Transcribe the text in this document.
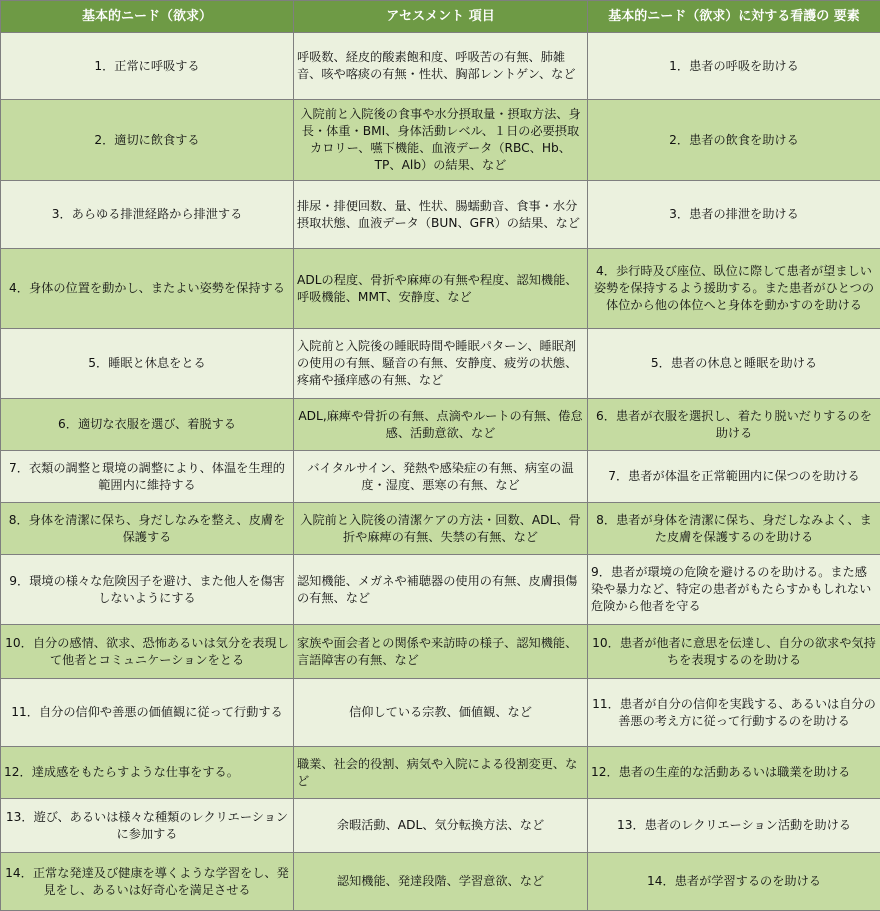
基本的ニード（欲求）	アセスメント 項目	基本的ニード（欲求）に対する看護の 要素
1．正常に呼吸する	呼吸数、経皮的酸素飽和度、呼吸苦の有無、肺雑音、咳や喀痰の有無・性状、胸部レントゲン、など	1．患者の呼吸を助ける
2．適切に飲食する	入院前と入院後の食事や水分摂取量・摂取方法、身長・体重・BMI、身体活動レベル、１日の必要摂取カロリー、嚥下機能、血液データ（RBC、Hb、TP、Alb）の結果、など	2．患者の飲食を助ける
3．あらゆる排泄経路から排泄する	排尿・排便回数、量、性状、腸蠕動音、食事・水分摂取状態、血液データ（BUN、GFR）の結果、など	3．患者の排泄を助ける
4．身体の位置を動かし、またよい姿勢を保持する	ADLの程度、骨折や麻痺の有無や程度、認知機能、呼吸機能、MMT、安静度、など	4．歩行時及び座位、臥位に際して患者が望ましい姿勢を保持するよう援助する。また患者がひとつの体位から他の体位へと身体を動かすのを助ける
5．睡眠と休息をとる	入院前と入院後の睡眠時間や睡眠パターン、睡眠剤の使用の有無、騒音の有無、安静度、疲労の状態、疼痛や掻痒感の有無、など	5．患者の休息と睡眠を助ける
6．適切な衣服を選び、着脱する	ADL,麻痺や骨折の有無、点滴やルートの有無、倦怠感、活動意欲、など	6．患者が衣服を選択し、着たり脱いだりするのを助ける
7．衣類の調整と環境の調整により、体温を生理的範囲内に維持する	バイタルサイン、発熱や感染症の有無、病室の温度・湿度、悪寒の有無、など	7．患者が体温を正常範囲内に保つのを助ける
8．身体を清潔に保ち、身だしなみを整え、皮膚を保護する	入院前と入院後の清潔ケアの方法・回数、ADL、骨折や麻痺の有無、失禁の有無、など	8．患者が身体を清潔に保ち、身だしなみよく、また皮膚を保護するのを助ける
9．環境の様々な危険因子を避け、また他人を傷害しないようにする	認知機能、メガネや補聴器の使用の有無、皮膚損傷の有無、など	9．患者が環境の危険を避けるのを助ける。また感染や暴力など、特定の患者がもたらすかもしれない危険から他者を守る
10．自分の感情、欲求、恐怖あるいは気分を表現して他者とコミュニケーションをとる	家族や面会者との関係や来訪時の様子、認知機能、言語障害の有無、など	10．患者が他者に意思を伝達し、自分の欲求や気持ちを表現するのを助ける
11．自分の信仰や善悪の価値観に従って行動する	信仰している宗教、価値観、など	11．患者が自分の信仰を実践する、あるいは自分の善悪の考え方に従って行動するのを助ける
12．達成感をもたらすような仕事をする。	職業、社会的役割、病気や入院による役割変更、など	12．患者の生産的な活動あるいは職業を助ける
13．遊び、あるいは様々な種類のレクリエーションに参加する	余暇活動、ADL、気分転換方法、など	13．患者のレクリエーション活動を助ける
14．正常な発達及び健康を導くような学習をし、発見をし、あるいは好奇心を満足させる	認知機能、発達段階、学習意欲、など	14．患者が学習するのを助ける
